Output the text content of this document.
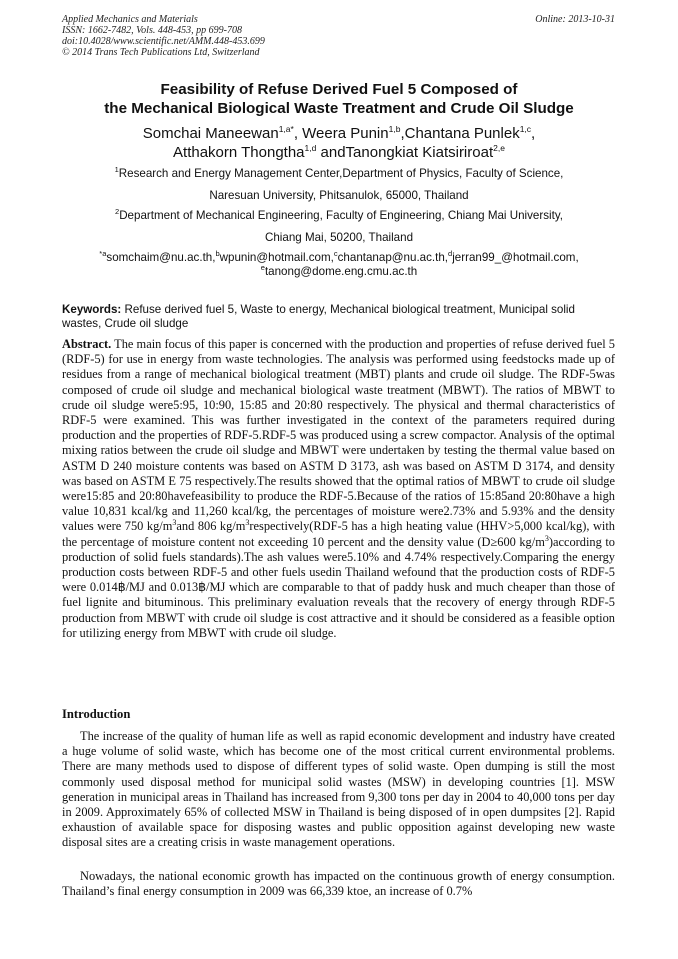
Applied Mechanics and Materials	Online: 2013-10-31
ISSN: 1662-7482, Vols. 448-453, pp 699-708
doi:10.4028/www.scientific.net/AMM.448-453.699
© 2014 Trans Tech Publications Ltd, Switzerland
Feasibility of Refuse Derived Fuel 5 Composed of
the Mechanical Biological Waste Treatment and Crude Oil Sludge
Somchai Maneewan$^{1,a*}$, Weera Punin$^{1,b}$,Chantana Punlek$^{1,c}$,
Atthakorn Thongtha$^{1,d}$ andTanongkiat Kiatsiriroat$^{2,e}$
$^1$Research and Energy Management Center,Department of Physics, Faculty of Science,
Naresuan University, Phitsanulok, 65000, Thailand
$^2$Department of Mechanical Engineering, Faculty of Engineering, Chiang Mai University,
Chiang Mai, 50200, Thailand
$^{*a}$somchaim@nu.ac.th,$^b$wpunin@hotmail.com,$^c$chantanap@nu.ac.th,$^d$jerran99_@hotmail.com,
$^e$tanong@dome.eng.cmu.ac.th
Keywords: Refuse derived fuel 5, Waste to energy, Mechanical biological treatment, Municipal solid wastes, Crude oil sludge
Abstract. The main focus of this paper is concerned with the production and properties of refuse derived fuel 5 (RDF-5) for use in energy from waste technologies. The analysis was performed using feedstocks made up of residues from a range of mechanical biological treatment (MBT) plants and crude oil sludge. The RDF-5was composed of crude oil sludge and mechanical biological waste treatment (MBWT). The ratios of MBWT to crude oil sludge were5:95, 10:90, 15:85 and 20:80 respectively. The physical and thermal characteristics of RDF-5 were examined. This was further investigated in the context of the parameters required during production and the properties of RDF-5.RDF-5 was produced using a screw compactor. Analysis of the optimal mixing ratios between the crude oil sludge and MBWT were undertaken by testing the thermal value based on ASTM D 240 moisture contents was based on ASTM D 3173, ash was based on ASTM D 3174, and density was based on ASTM E 75 respectively.The results showed that the optimal ratios of MBWT to crude oil sludge were15:85 and 20:80havefeasibility to produce the RDF-5.Because of the ratios of 15:85and 20:80have a high value 10,831 kcal/kg and 11,260 kcal/kg, the percentages of moisture were2.73% and 5.93% and the density values were 750 $kg/m^3and$ 806 $kg/m^3respectively(RDF-5$ has a high heating value (HHV>5,000 kcal/kg), with the percentage of moisture content not exceeding 10 percent and the density value (D≥600 $kg/m^3)according$ to production of solid fuels standards).The ash values were5.10% and 4.74% respectively.Comparing the energy production costs between RDF-5 and other fuels usedin Thailand wefound that the production costs of RDF-5 were 0.014฿/MJ and 0.013฿/MJ which are comparable to that of paddy husk and much cheaper than those of fuel lignite and bituminous. This preliminary evaluation reveals that the recovery of energy through RDF-5 production from MBWT with crude oil sludge is cost attractive and it should be considered as a feasible option for utilizing energy from MBWT with crude oil sludge.
Introduction
The increase of the quality of human life as well as rapid economic development and industry have created a huge volume of solid waste, which has become one of the most critical current environmental problems. There are many methods used to dispose of different types of solid waste. Open dumping is still the most commonly used disposal method for municipal solid wastes (MSW) in developing countries [1]. MSW generation in municipal areas in Thailand has increased from 9,300 tons per day in 2004 to 40,000 tons per day in 2009. Approximately 65% of collected MSW in Thailand is being disposed of in open dumpsites [2]. Rapid exhaustion of available space for disposing wastes and public opposition against developing new waste disposal sites are a creating crisis in waste management operations.
Nowadays, the national economic growth has impacted on the continuous growth of energy consumption. Thailand’s final energy consumption in 2009 was 66,339 ktoe, an increase of 0.7%
